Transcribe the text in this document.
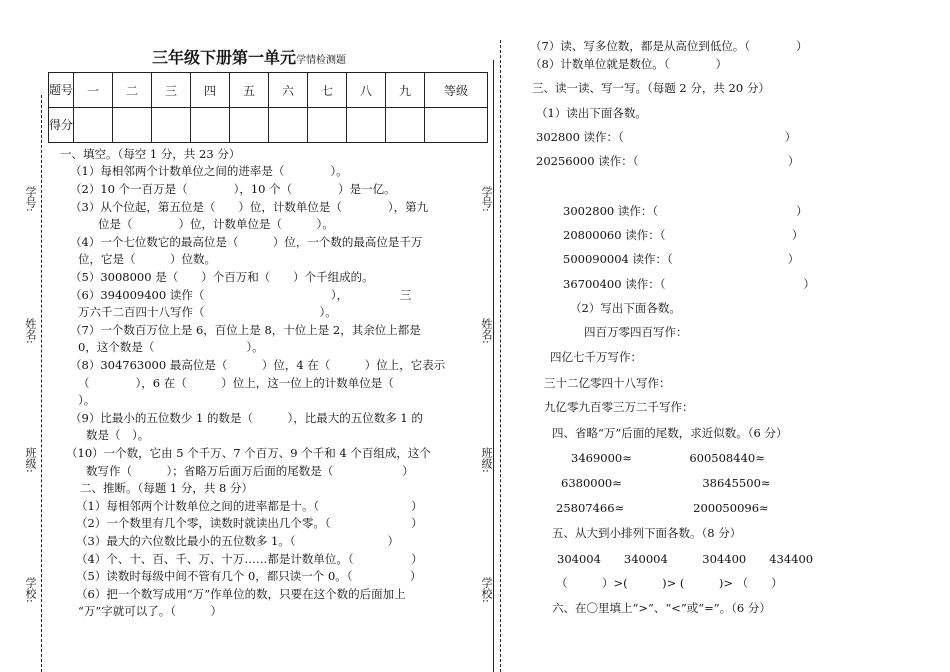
学号:
姓名:
班级:
学校:
学号:
姓名:
班级:
学校:
三年级下册第一单元学情检测题
题号	一	二	三	四	五	六	七	八	九	等级
得分										
一、填空。（每空 1 分，共 23 分）
（1）每相邻两个计数单位之间的进率是（　　　　）。
（2）10 个一百万是（　　　　），10 个（　　　　）是一亿。
（3）从个位起，第五位是（　　）位，计数单位是（　　　　），第九
位是（　　　　）位，计数单位是（　　　）。
（4）一个七位数它的最高位是（　　　）位，一个数的最高位是千万
位，它是（　　　）位数。
（5）3008000 是（　　）个百万和（　　）个千组成的。
（6）394009400 读作（　　　　　　　　　　　），　　　　　三
万六千二百四十八写作（　　　　　　　　　　）。
（7）一个数百万位上是 6，百位上是 8，十位上是 2，其余位上都是
0，这个数是（　　　　　　　　）。
（8）304763000 最高位是（　　　）位，4 在（　　　）位上，它表示
（　　　　），6 在（　　　）位上，这一位上的计数单位是（
）。
（9）比最小的五位数少 1 的数是（　　　），比最大的五位数多 1 的
数是（　）。
（10）一个数，它由 5 个千万、7 个百万、9 个千和 4 个百组成，这个
数写作（　　　）；省略万后面万后面的尾数是（　　　　　　）
二、推断。（每题 1 分，共 8 分）
（1）每相邻两个计数单位之间的进率都是十。（　　　　　　　　）
（2）一个数里有几个零，读数时就读出几个零。（　　　　　　　）
（3）最大的六位数比最小的五位数多 1。（　　　　　　　　）
（4）个、十、百、千、万、十万……都是计数单位。（　　　　　）
（5）读数时每级中间不管有几个 0，都只读一个 0。（　　　　　）
（6）把一个数写成用“万”作单位的数，只要在这个数的后面加上
“万”字就可以了。（　　　）
（7）读、写多位数，都是从高位到低位。（　　　　）
（8）计数单位就是数位。（　　　　）
三、读一读、写一写。（每题 2 分，共 20 分）
（1）读出下面各数。
302800 读作：（　　　　　　　　　　　　　　）
20256000 读作：（　　　　　　　　　　　　　）
3002800 读作：（　　　　　　　　　　　　）
20800060 读作：（　　　　　　　　　　　）
500090004 读作：（　　　　　　　　　　）
36700400 读作：（　　　　　　　　　　　　）
（2）写出下面各数。
四百万零四百写作：
四亿七千万写作：
三十二亿零四十八写作：
九亿零九百零三万二千写作：
四、省略“万”后面的尾数，求近似数。（6 分）
3469000≈　　　　　600508440≈
6380000≈　　　　　　　38645500≈
25807466≈　　　　　　200050096≈
五、从大到小排列下面各数。（8 分）
304004　　340004　　　304400　　434400
（　　　）>(　　　)> (　　　)> （　　）
六、在〇里填上“>”、“<”或“=”。（6 分）
